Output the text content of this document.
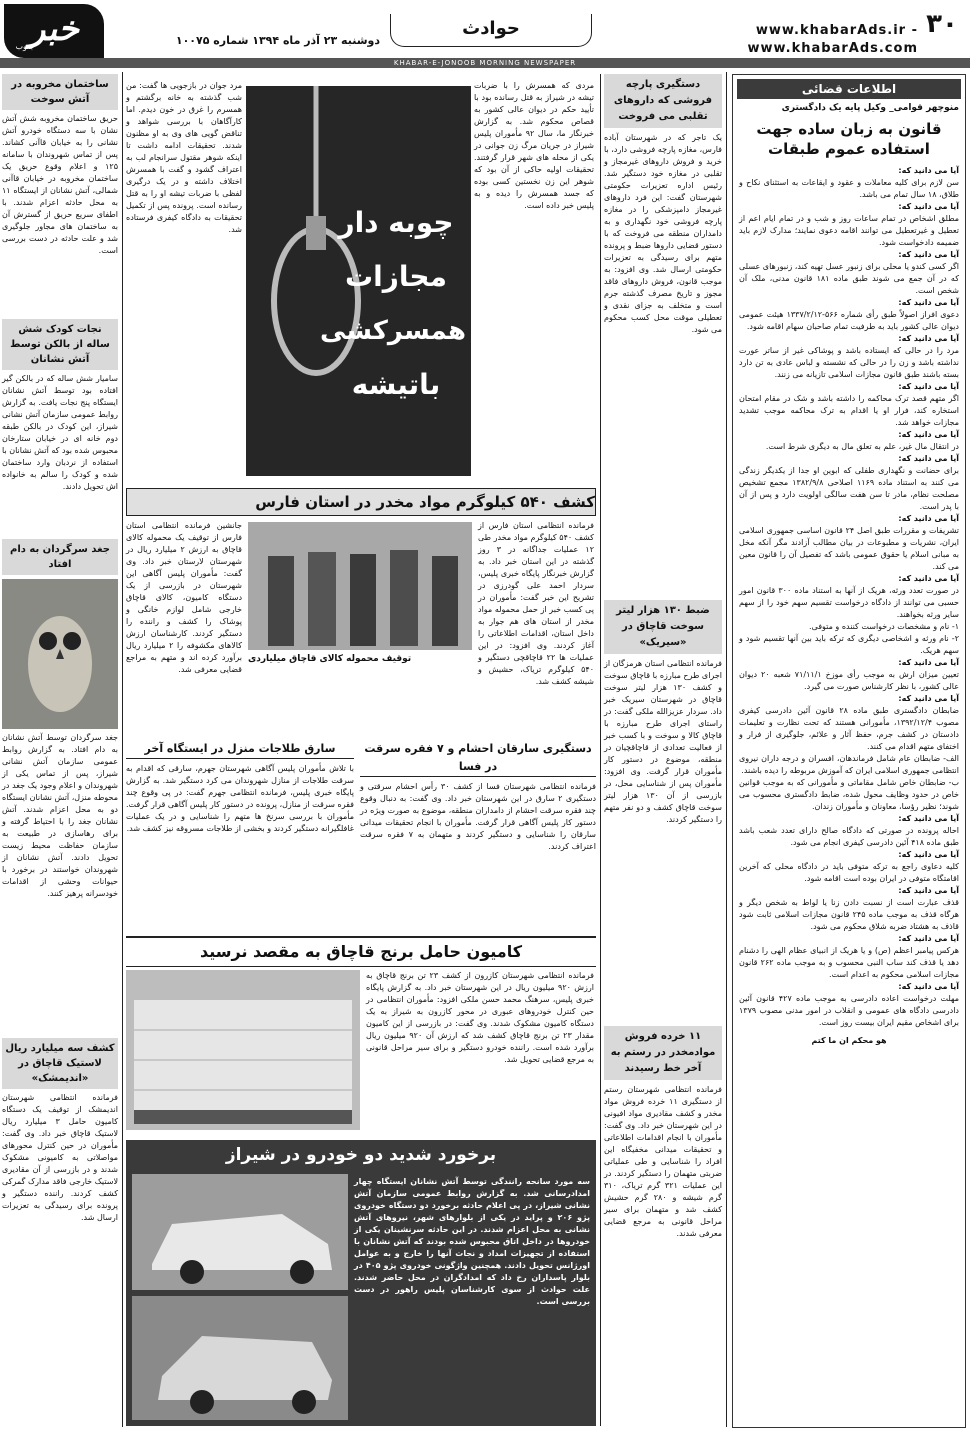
۳۰
www.khabarAds.ir - www.khabarAds.com
حوادث
دوشنبه ۲۳ آذر ماه ۱۳۹۴ شماره ۱۰۰۷۵
خبر
جنوب
KHABAR-E-JONOOB MORNING NEWSPAPER
اطلاعات قضائی
منوچهر قوامی_ وکیل پایه یک دادگستری
قانون به زبان ساده جهت استفاده عموم طبقات
آیا می دانید که:

سن لازم برای کلیه معاملات و عقود و ایقاعات به استثنای نکاح و طلاق، ۱۸ سال تمام می باشد.

آیا می دانید که:

مطلق اشخاص در تمام ساعات روز و شب و در تمام ایام اعم از تعطیل و غیرتعطیل می توانند اقامه دعوی نمایند؛ مدارک لازم باید ضمیمه دادخواست شود.

آیا می دانید که:

اگر کسی کندو یا محلی برای زنبور عسل تهیه کند، زنبورهای عسلی که در آن جمع می شوند طبق ماده ۱۸۱ قانون مدنی، ملک آن شخص است.

آیا می دانید که:

دعوی افراز اصولاً طبق رأی شماره ۵۶۶-۱۳۳۷/۲/۱۲ هیئت عمومی دیوان عالی کشور باید به طرفیت تمام صاحبان سهام اقامه شود.

آیا می دانید که:

مرد را در حالی که ایستاده باشد و پوشاکی غیر از ساتر عورت نداشته باشد و زن را در حالی که نشسته و لباس عادی به تن دارد بسته باشند طبق قانون مجازات اسلامی تازیانه می زنند.

آیا می دانید که:

اگر متهم قصد ترک محاکمه را داشته باشد و شک در مقام امتحان استخاره کند، فرار او یا اقدام به ترک محاکمه موجب تشدید مجازات خواهد شد.

آیا می دانید که:

در انتقال مال غیر، علم به تعلق مال به دیگری شرط است.

آیا می دانید که:

برای حضانت و نگهداری طفلی که ابوین او جدا از یکدیگر زندگی می کنند به استناد ماده ۱۱۶۹ اصلاحی ۱۳۸۲/۹/۸ مجمع تشخیص مصلحت نظام، مادر تا سن هفت سالگی اولویت دارد و پس از آن با پدر است.

آیا می دانید که:

تشریفات و مقررات طبق اصل ۲۴ قانون اساسی جمهوری اسلامی ایران، نشریات و مطبوعات در بیان مطالب آزادند مگر آنکه مخل به مبانی اسلام یا حقوق عمومی باشد که تفصیل آن را قانون معین می کند.

آیا می دانید که:

در صورت تعدد ورثه، هریک از آنها به استناد ماده ۳۰۰ قانون امور حسبی می توانند از دادگاه درخواست تقسیم سهم خود را از سهم سایر ورثه بخواهند.

۱- نام و مشخصات درخواست کننده و متوفی.

۲- نام ورثه و اشخاصی دیگری که ترکه باید بین آنها تقسیم شود و سهم هریک.

آیا می دانید که:

تعیین میزان ارش به موجب رأی موزخ ۷۱/۱۱/۱ شعبه ۲۰ دیوان عالی کشور، با نظر کارشناس صورت می گیرد.

آیا می دانید که:

ضابطان دادگستری طبق ماده ۲۸ قانون آئین دادرسی کیفری مصوب ۱۳۹۲/۱۲/۴، مأمورانی هستند که تحت نظارت و تعلیمات دادستان در کشف جرم، حفظ آثار و علائم، جلوگیری از فرار و اختفای متهم اقدام می کنند.

الف- ضابطان عام شامل فرماندهان، افسران و درجه داران نیروی انتظامی جمهوری اسلامی ایران که آموزش مربوطه را دیده باشند.

ب- ضابطان خاص شامل مقاماتی و مأمورانی که به موجب قوانین خاص در حدود وظایف محول شده، ضابط دادگستری محسوب می شوند؛ نظیر رؤسا، معاونان و مأموران زندان.

آیا می دانید که:

احاله پرونده در صورتی که دادگاه صالح دارای تعدد شعب باشد طبق ماده ۴۱۸ آئین دادرسی کیفری انجام می شود.

آیا می دانید که:

کلیه دعاوی راجع به ترکه متوفی باید در دادگاه محلی که آخرین اقامتگاه متوفی در ایران بوده است اقامه شود.

آیا می دانید که:

قذف عبارت است از نسبت دادن زنا یا لواط به شخص دیگر و هرگاه قذف به موجب ماده ۲۴۵ قانون مجازات اسلامی ثابت شود قاذف به هشتاد ضربه شلاق محکوم می شود.

آیا می دانید که:

هرکس پیامبر اعظم (ص) و یا هریک از انبیای عظام الهی را دشنام دهد یا قذف کند ساب النبی محسوب و به موجب ماده ۲۶۲ قانون مجازات اسلامی محکوم به اعدام است.

آیا می دانید که:

مهلت درخواست اعاده دادرسی به موجب ماده ۴۲۷ قانون آئین دادرسی دادگاه های عمومی و انقلاب در امور مدنی مصوب ۱۳۷۹ برای اشخاص مقیم ایران بیست روز است.

هو محکم ان ما کتم

دستگیری پارچه فروشی که داروهای تقلبی می فروخت

یک تاجر که در شهرستان آباده فارس، مغازه پارچه فروشی دارد، با خرید و فروش داروهای غیرمجاز و تقلبی در مغازه خود دستگیر شد. رئیس اداره تعزیرات حکومتی شهرستان گفت: این فرد داروهای غیرمجاز دامپزشکی را در مغازه پارچه فروشی خود نگهداری و به دامداران منطقه می فروخت که با دستور قضایی داروها ضبط و پرونده متهم برای رسیدگی به تعزیرات حکومتی ارسال شد. وی افزود: به موجب قانون، فروش داروهای فاقد مجوز و تاریخ مصرف گذشته جرم است و متخلف به جزای نقدی و تعطیلی موقت محل کسب محکوم می شود.

ضبط ۱۳۰ هزار لیتر سوخت قاچاق در «سیریک»

فرمانده انتظامی استان هرمزگان از اجرای طرح مبارزه با قاچاق سوخت و کشف ۱۳۰ هزار لیتر سوخت قاچاق در شهرستان سیریک خبر داد. سردار عزیزالله ملکی گفت: در راستای اجرای طرح مبارزه با قاچاق کالا و سوخت و با کسب خبر از فعالیت تعدادی از قاچاقچیان در منطقه، موضوع در دستور کار مأموران قرار گرفت. وی افزود: مأموران پس از شناسایی محل، در بازرسی از آن ۱۳۰ هزار لیتر سوخت قاچاق کشف و دو نفر متهم را دستگیر کردند.

۱۱ خرده فروش موادمخدر در رستم به آخر خط رسیدند

فرمانده انتظامی شهرستان رستم از دستگیری ۱۱ خرده فروش مواد مخدر و کشف مقادیری مواد افیونی در این شهرستان خبر داد. وی گفت: مأموران با انجام اقدامات اطلاعاتی و تحقیقات میدانی مخفیگاه این افراد را شناسایی و طی عملیاتی ضربتی متهمان را دستگیر کردند. در این عملیات ۳۲۱ گرم تریاک، ۳۱۰ گرم شیشه و ۲۸۰ گرم حشیش کشف شد و متهمان برای سیر مراحل قانونی به مرجع قضایی معرفی شدند.

چوبه دار
مجازات
همسرکشی
باتیشه

مردی که همسرش را با ضربات تیشه در شیراز به قتل رسانده بود با تأیید حکم در دیوان عالی کشور به قصاص محکوم شد. به گزارش خبرنگار ما، سال ۹۲ مأموران پلیس شیراز در جریان مرگ زن جوانی در یکی از محله های شهر قرار گرفتند. تحقیقات اولیه حاکی از آن بود که شوهر این زن نخستین کسی بوده که جسد همسرش را دیده و به پلیس خبر داده است.

مرد جوان در بازجویی ها گفت: من شب گذشته به خانه برگشتم و همسرم را غرق در خون دیدم. اما کارآگاهان با بررسی شواهد و تناقض گویی های وی به او مظنون شدند. تحقیقات ادامه داشت تا اینکه شوهر مقتول سرانجام لب به اعتراف گشود و گفت با همسرش اختلاف داشته و در یک درگیری لفظی با ضربات تیشه او را به قتل رسانده است. پرونده پس از تکمیل تحقیقات به دادگاه کیفری فرستاده شد.

ساختمان مخروبه در آتش سوخت

حریق ساختمان مخروبه شش آتش نشان با سه دستگاه خودرو آتش نشانی را به خیابان قاآنی کشاند. پس از تماس شهروندان با سامانه ۱۲۵ و اعلام وقوع حریق یک ساختمان مخروبه در خیابان قاآنی شمالی، آتش نشانان از ایستگاه ۱۱ به محل حادثه اعزام شدند. با اطفای سریع حریق از گسترش آن به ساختمان های مجاور جلوگیری شد و علت حادثه در دست بررسی است.

نجات کودک شش ساله از بالکن توسط آتش نشانان

سامیار شش ساله که در بالکن گیر افتاده بود توسط آتش نشانان ایستگاه پنج نجات یافت. به گزارش روابط عمومی سازمان آتش نشانی شیراز، این کودک در بالکن طبقه دوم خانه ای در خیابان ستارخان محبوس شده بود که آتش نشانان با استفاده از نردبان وارد ساختمان شده و کودک را سالم به خانواده اش تحویل دادند.

جغد سرگردان به دام افتاد

جغد سرگردان توسط آتش نشانان به دام افتاد. به گزارش روابط عمومی سازمان آتش نشانی شیراز، پس از تماس یکی از شهروندان و اعلام وجود یک جغد در محوطه منزل، آتش نشانان ایستگاه دو به محل اعزام شدند. آتش نشانان جغد را با احتیاط گرفته و برای رهاسازی در طبیعت به سازمان حفاظت محیط زیست تحویل دادند. آتش نشانان از شهروندان خواستند در برخورد با حیوانات وحشی از اقدامات خودسرانه پرهیز کنند.

کشف سه میلیارد ریال لاستیک قاچاق در «اندیمشک»

فرمانده انتظامی شهرستان اندیمشک از توقیف یک دستگاه کامیون حامل ۳ میلیارد ریال لاستیک قاچاق خبر داد. وی گفت: مأموران در حین کنترل محورهای مواصلاتی به کامیونی مشکوک شدند و در بازرسی از آن مقادیری لاستیک خارجی فاقد مدارک گمرکی کشف کردند. راننده دستگیر و پرونده برای رسیدگی به تعزیرات ارسال شد.

کشف ۵۴۰ کیلوگرم مواد مخدر در استان فارس

فرمانده انتظامی استان فارس از کشف ۵۴۰ کیلوگرم مواد مخدر طی ۱۲ عملیات جداگانه در ۳ روز گذشته در این استان خبر داد. به گزارش خبرنگار پایگاه خبری پلیس، سردار احمد علی گودرزی در تشریح این خبر گفت: مأموران در پی کسب خبر از حمل محموله مواد مخدر از استان های هم جوار به داخل استان، اقدامات اطلاعاتی را آغاز کردند. وی افزود: در این عملیات ها ۲۲ قاچاقچی دستگیر و ۵۴۰ کیلوگرم تریاک، حشیش و شیشه کشف شد.

توقیف محموله کالای قاچاق میلیاردی

جانشین فرمانده انتظامی استان فارس از توقیف یک محموله کالای قاچاق به ارزش ۲ میلیارد ریال در شهرستان لارستان خبر داد. وی گفت: مأموران پلیس آگاهی این شهرستان در بازرسی از یک دستگاه کامیون، کالای قاچاق خارجی شامل لوازم خانگی و پوشاک را کشف و راننده را دستگیر کردند. کارشناسان ارزش کالاهای مکشوفه را ۲ میلیارد ریال برآورد کرده اند و متهم به مراجع قضایی معرفی شد.

دستگیری سارقان احشام و ۷ فقره سرقت در فسا

فرمانده انتظامی شهرستان فسا از کشف ۳۰ رأس احشام سرقتی و دستگیری ۲ سارق در این شهرستان خبر داد. وی گفت: به دنبال وقوع چند فقره سرقت احشام از دامداران منطقه، موضوع به صورت ویژه در دستور کار پلیس آگاهی قرار گرفت. مأموران با انجام تحقیقات میدانی سارقان را شناسایی و دستگیر کردند و متهمان به ۷ فقره سرقت اعتراف کردند.

سارق طلاجات منزل در ایستگاه آخر

با تلاش مأموران پلیس آگاهی شهرستان جهرم، سارقی که اقدام به سرقت طلاجات از منازل شهروندان می کرد دستگیر شد. به گزارش پایگاه خبری پلیس، فرمانده انتظامی جهرم گفت: در پی وقوع چند فقره سرقت از منازل، پرونده در دستور کار پلیس آگاهی قرار گرفت. مأموران با بررسی سرنخ ها متهم را شناسایی و در یک عملیات غافلگیرانه دستگیر کردند و بخشی از طلاجات مسروقه نیز کشف شد.

کامیون حامل برنج قاچاق به مقصد نرسید

فرمانده انتظامی شهرستان کازرون از کشف ۲۳ تن برنج قاچاق به ارزش ۹۲۰ میلیون ریال در این شهرستان خبر داد. به گزارش پایگاه خبری پلیس، سرهنگ محمد حسن ملکی افزود: مأموران انتظامی در حین کنترل خودروهای عبوری در محور کازرون به شیراز به یک دستگاه کامیون مشکوک شدند. وی گفت: در بازرسی از این کامیون مقدار ۲۳ تن برنج قاچاق کشف شد که ارزش آن ۹۲۰ میلیون ریال برآورد شده است. راننده خودرو دستگیر و برای سیر مراحل قانونی به مرجع قضایی تحویل شد.

برخورد شدید دو خودرو در شیراز

سه مورد سانحه رانندگی توسط آتش نشانان ایستگاه چهار امدادرسانی شد. به گزارش روابط عمومی سازمان آتش نشانی شیراز، در پی اعلام حادثه برخورد دو دستگاه خودروی پژو ۲۰۶ و پراید در یکی از بلوارهای شهر، نیروهای آتش نشانی به محل اعزام شدند. در این حادثه سرنشینان یکی از خودروها در داخل اتاق محبوس شده بودند که آتش نشانان با استفاده از تجهیزات امداد و نجات آنها را خارج و به عوامل اورژانس تحویل دادند. همچنین واژگونی خودروی پژو ۴۰۵ در بلوار پاسداران رخ داد که امدادگران در محل حاضر شدند. علت حوادث از سوی کارشناسان پلیس راهور در دست بررسی است.
